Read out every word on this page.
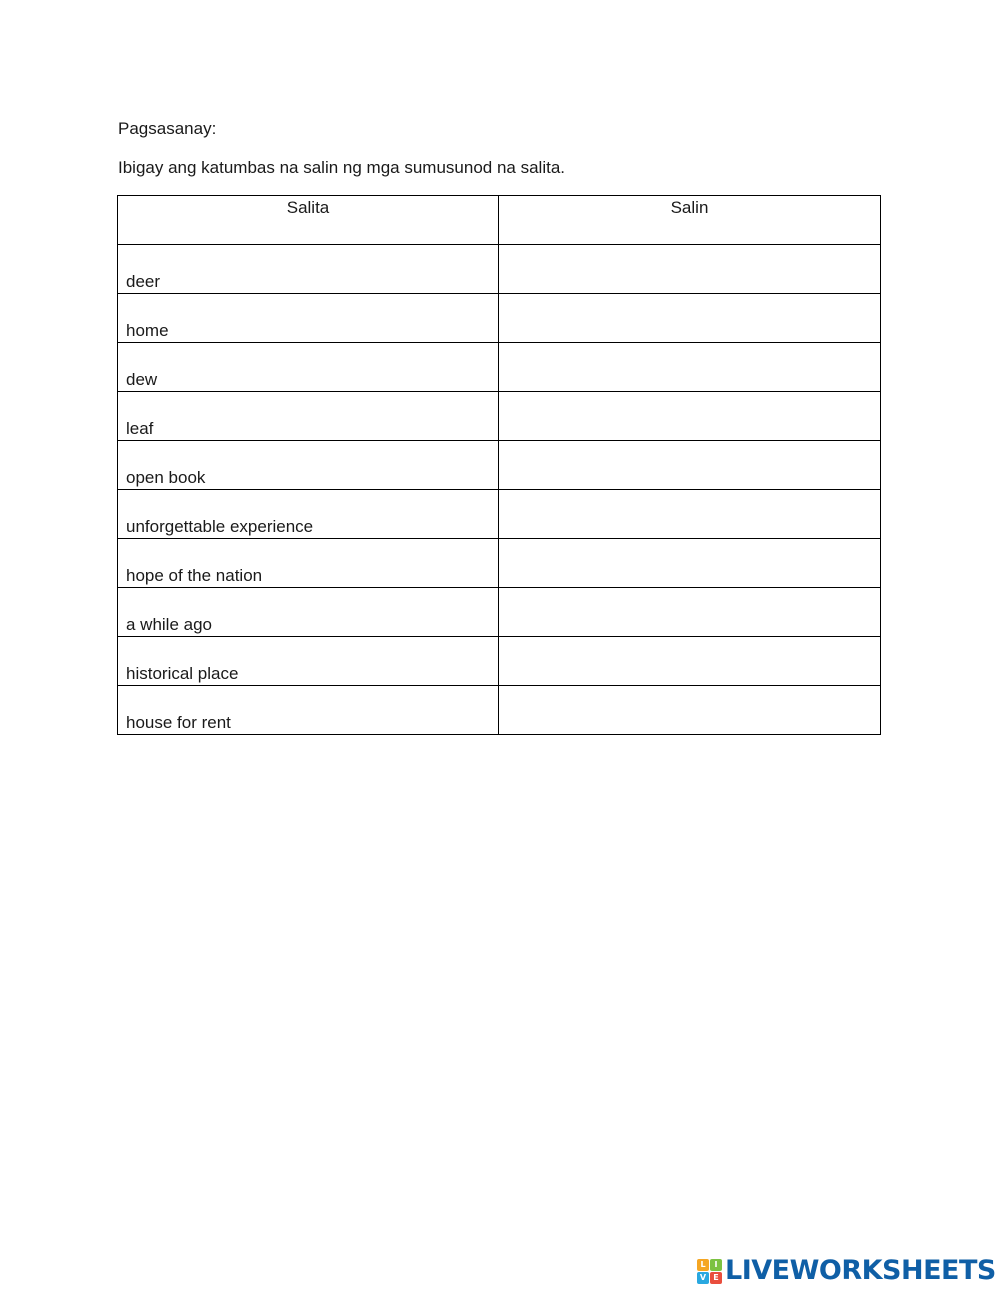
Pagsasanay:

Ibigay ang katumbas na salin ng mga sumusunod na salita.

Salita	Salin
deer	
home	
dew	
leaf	
open book	
unforgettable experience	
hope of the nation	
a while ago	
historical place	
house for rent	
L	I
V E LIVEWORKSHEETS
